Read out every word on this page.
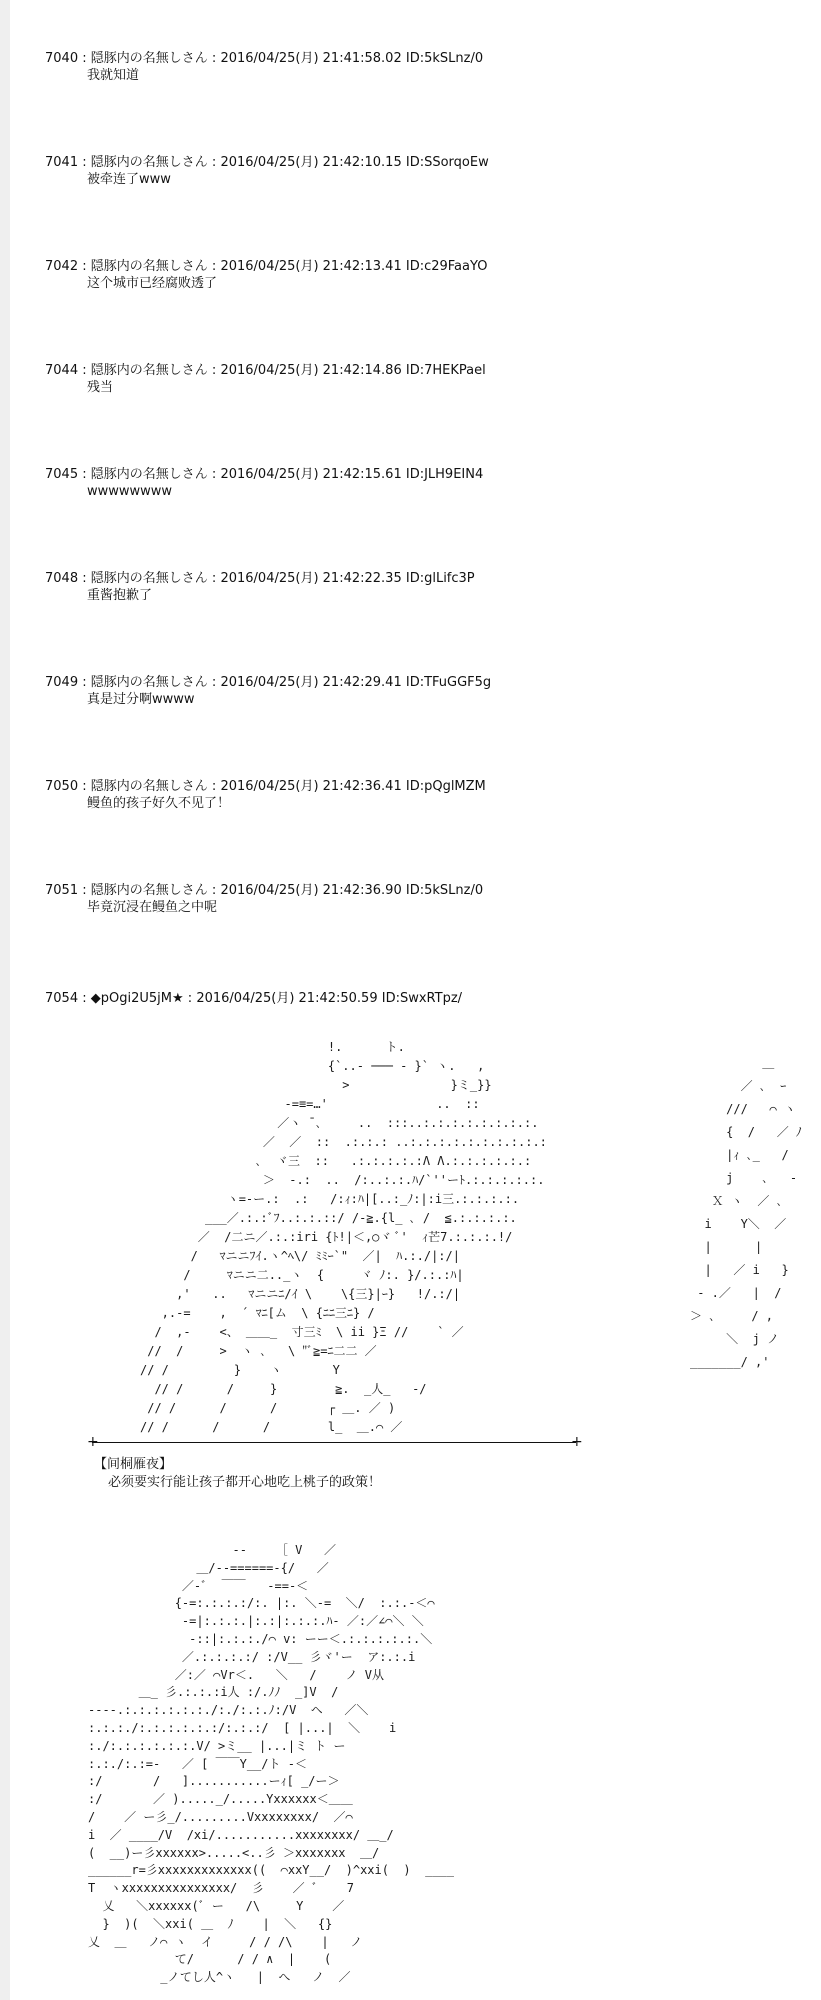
7040 : 隠豚内の名無しさん : 2016/04/25(月) 21:41:58.02 ID:5kSLnz/0
我就知道
7041 : 隠豚内の名無しさん : 2016/04/25(月) 21:42:10.15 ID:SSorqoEw
被牵连了www
7042 : 隠豚内の名無しさん : 2016/04/25(月) 21:42:13.41 ID:c29FaaYO
这个城市已经腐败透了
7044 : 隠豚内の名無しさん : 2016/04/25(月) 21:42:14.86 ID:7HEKPael
残当
7045 : 隠豚内の名無しさん : 2016/04/25(月) 21:42:15.61 ID:JLH9EIN4
wwwwwwww
7048 : 隠豚内の名無しさん : 2016/04/25(月) 21:42:22.35 ID:glLifc3P
重酱抱歉了
7049 : 隠豚内の名無しさん : 2016/04/25(月) 21:42:29.41 ID:TFuGGF5g
真是过分啊wwww
7050 : 隠豚内の名無しさん : 2016/04/25(月) 21:42:36.41 ID:pQglMZM
鳗鱼的孩子好久不见了！
7051 : 隠豚内の名無しさん : 2016/04/25(月) 21:42:36.90 ID:5kSLnz/0
毕竟沉浸在鳗鱼之中呢
7054 : ◆pOgi2U5jM★ : 2016/04/25(月) 21:42:50.59 ID:SwxRTpz/
!.      ト.
{`..‐ ─── ‐ }` ヽ.   ,
>              }ミ_}}
-=≡=…'               ..  ::
／ヽ ̄ ､     ..  :::..:.:.:.:.:.:.:.:.
／  ／  ::  .:.:.: ..:.:.:.:.:.:.:.:.:.:
､  ヾ三  ::   .:.:.:.:.:Λ Λ.:.:.:.:.:.:
＞  -.:  ..  /:..:.:.ﾊ/`''ーﾄ.:.:.:.:.:.
ヽ=-ー.:  .:   /:ｨ:ﾊ|[..:_ﾉ:|:i三.:.:.:.:.
___／.:.:ﾞﾌ..:.:.::/ /-≧.{l_ ､ /  ≦.:.:.:.:.
／  /二ニ／.:.:iri {ﾄ!|＜,○ヾ ﾞ'  ｨ芒7.:.:.:.!/
/   ﾏニニﾌｲ.ヽ^ﾍ\/ ﾐﾐｰ`"  ／|  ﾊ.:./|:/|
/     ﾏニニ二.._ヽ  {     ヾ ﾉ:. }/.:.:ﾊ|
,'   ..   ﾏニニﾆ/ｲ \    \{三}|ｰ}   !/.:/|
,.-=    ,  ´ ﾏﾆ[ム  \ {ﾆﾆ三ﾆ} /
/  ,-    <、 ＿＿_  寸三ﾐ  \ ii }Ξ //    ` ／
//  /     >  ヽ ､   \ "ﾞ≧=ﾆ二二 ／
// /         }    ヽ       Y
// /      /     }        ≧.  _人_   -/
// /      /      /       ┌ ＿. ／ )
// /      /      /        l_  ＿.⌒ ／
＿
／ ､  ｰ
///   ⌒ ヽ
{  /   ／ ﾉ
|ｨ ､_   /
j    ､   -
Ｘ ヽ  ／ ､
i    Y＼  ／
|      |
|   ／ i   }
‐ .／   |  /
＞ ､     / ,
＼  j ノ
_______/ ,'
+	+
【间桐雁夜】
必须要实行能让孩子都开心地吃上桃子的政策！
‐‐    ［ V   ／
＿/--======-{/   ／
／-ﾞ  ￣￣   ‐==-＜
{-=:.:.:.:/:. |:. ＼-=  ＼/  :.:.-＜⌒
-=|:.:.:.|:.:|:.:.:.ﾊ- ／:／∠⌒＼ ＼
-::|:.:.:./⌒ v: ーー＜.:.:.:.:.:.＼
／.:.:.:.:/ :/V__ 彡ヾ'ー  ア:.:.i
／:／ ⌒Vr＜.   ＼   /    ノ V从
＿_ 彡.:.:.:i人 :/.ﾉﾉ  _]V  /
--‐‐.:.:.:.:.:.:./:./:.:.ﾉ:/V  ヘ   ／＼
:.:.:./:.:.:.:.:.:/:.:.:/  [ |...|  ＼    i
:./:.:.:.:.:.:.V/ >ミ__ |...|ミ ト ー
:.:./:.:=-   ／ [ ￣￣Y__/ト -＜
:/       /   ]...........ーｨ[ _/ー＞
:/       ／ )....._/.....Yxxxxxx＜＿＿
/    ／ ー彡_/.........Vxxxxxxxx/  ／⌒
i  ／ ____/V  /xi/...........xxxxxxxx/ ＿_/
(  __)ー彡xxxxxx>.....<..彡 ＞xxxxxxx  ＿/
______r=彡xxxxxxxxxxxxx((  ⌒xxY__/  )^xxi(  )  ____
T  ヽxxxxxxxxxxxxxxx/  彡    ／ ﾞ    7
乂   ＼xxxxxx(ﾞ ー   /\     Y    ／
}  )(  ＼xxi( ＿  ﾉ    |  ＼   {}
乂  ＿   ノ⌒ ヽ  イ     / / /\    |   ノ
て/      / / ∧  |    (
_ノてし人^ヽ   |  へ   ノ  ／
